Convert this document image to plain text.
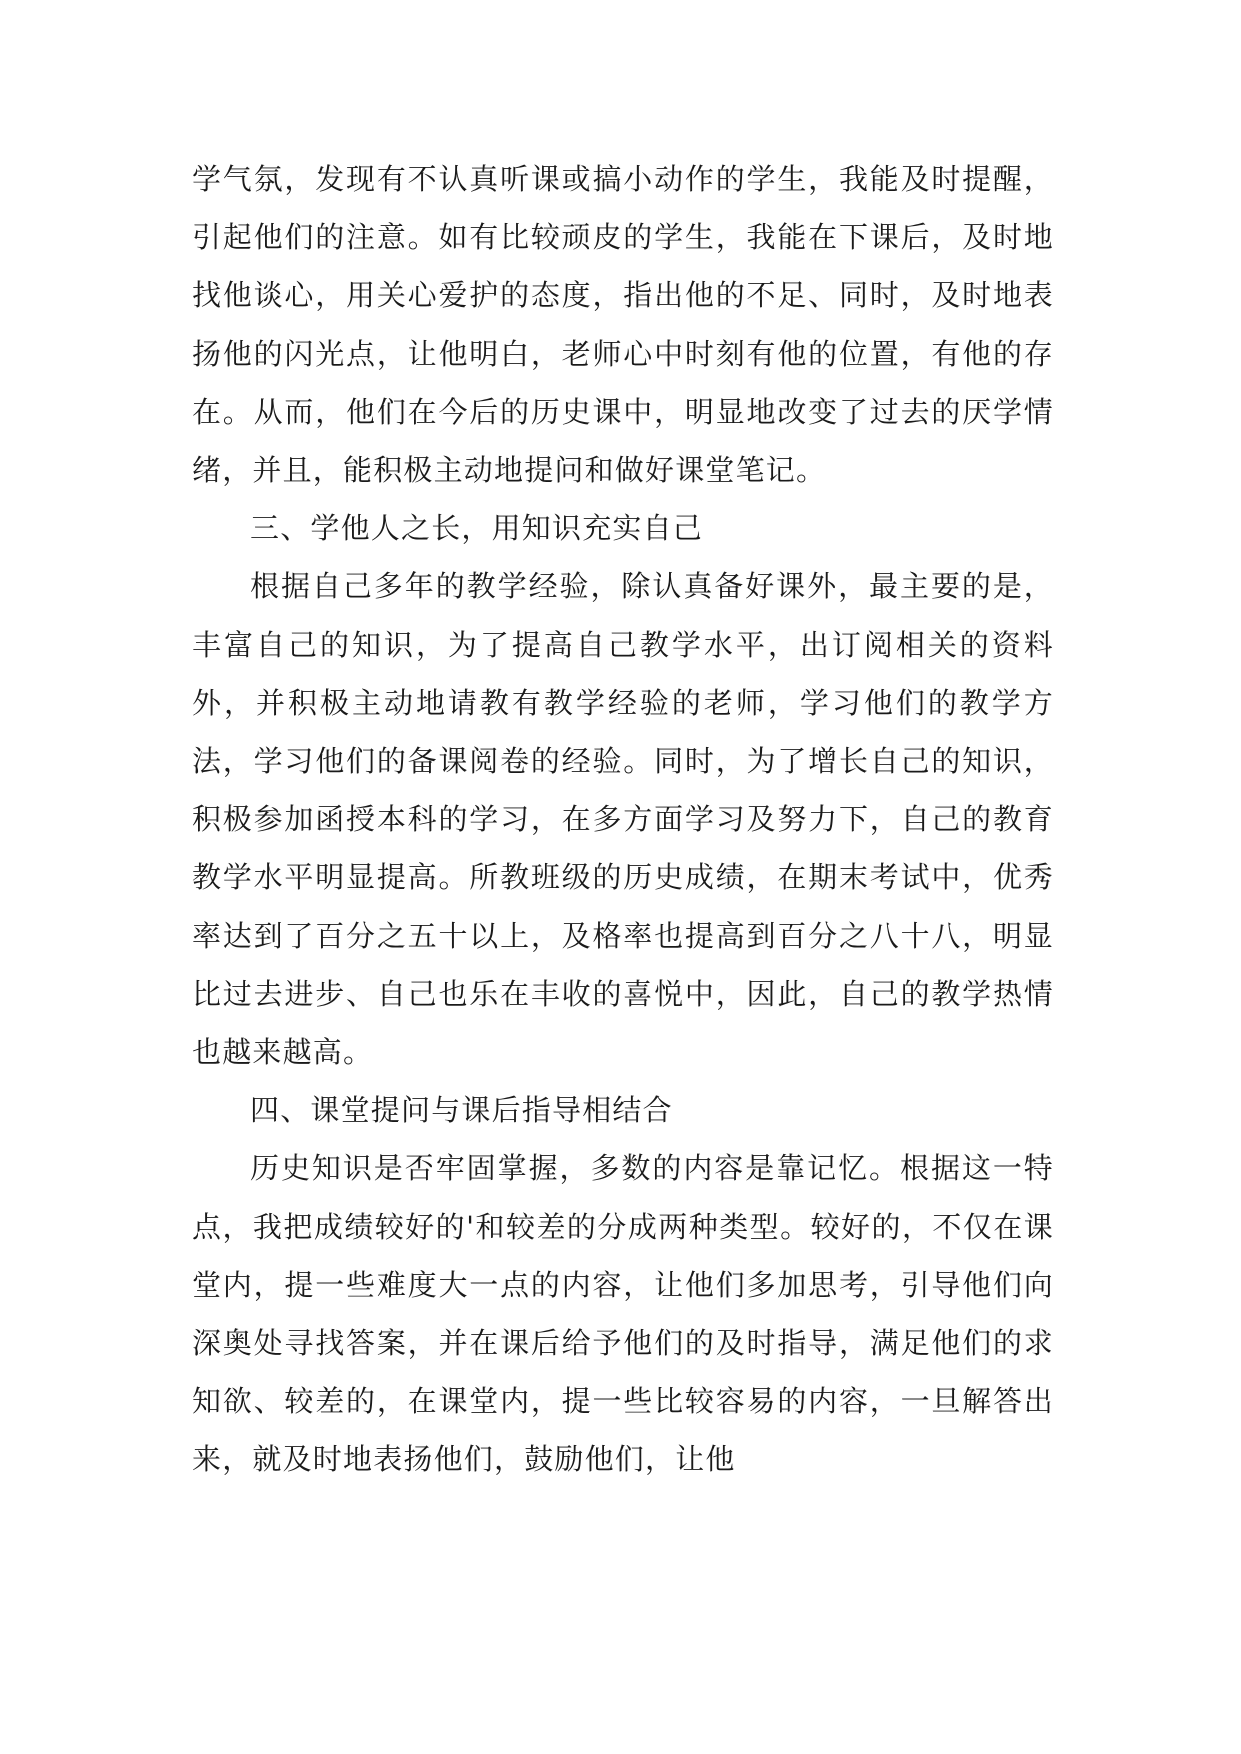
学气氛，发现有不认真听课或搞小动作的学生，我能及时提醒，引起他们的注意。如有比较顽皮的学生，我能在下课后，及时地找他谈心，用关心爱护的态度，指出他的不足、同时，及时地表扬他的闪光点，让他明白，老师心中时刻有他的位置，有他的存在。从而，他们在今后的历史课中，明显地改变了过去的厌学情绪，并且，能积极主动地提问和做好课堂笔记。

三、学他人之长，用知识充实自己

根据自己多年的教学经验，除认真备好课外，最主要的是，丰富自己的知识，为了提高自己教学水平，出订阅相关的资料外，并积极主动地请教有教学经验的老师，学习他们的教学方法，学习他们的备课阅卷的经验。同时，为了增长自己的知识，积极参加函授本科的学习，在多方面学习及努力下，自己的教育教学水平明显提高。所教班级的历史成绩，在期末考试中，优秀率达到了百分之五十以上，及格率也提高到百分之八十八，明显比过去进步、自己也乐在丰收的喜悦中，因此，自己的教学热情也越来越高。

四、课堂提问与课后指导相结合

历史知识是否牢固掌握，多数的内容是靠记忆。根据这一特点，我把成绩较好的'和较差的分成两种类型。较好的，不仅在课堂内，提一些难度大一点的内容，让他们多加思考，引导他们向深奥处寻找答案，并在课后给予他们的及时指导，满足他们的求知欲、较差的，在课堂内，提一些比较容易的内容，一旦解答出来，就及时地表扬他们，鼓励他们，让他
